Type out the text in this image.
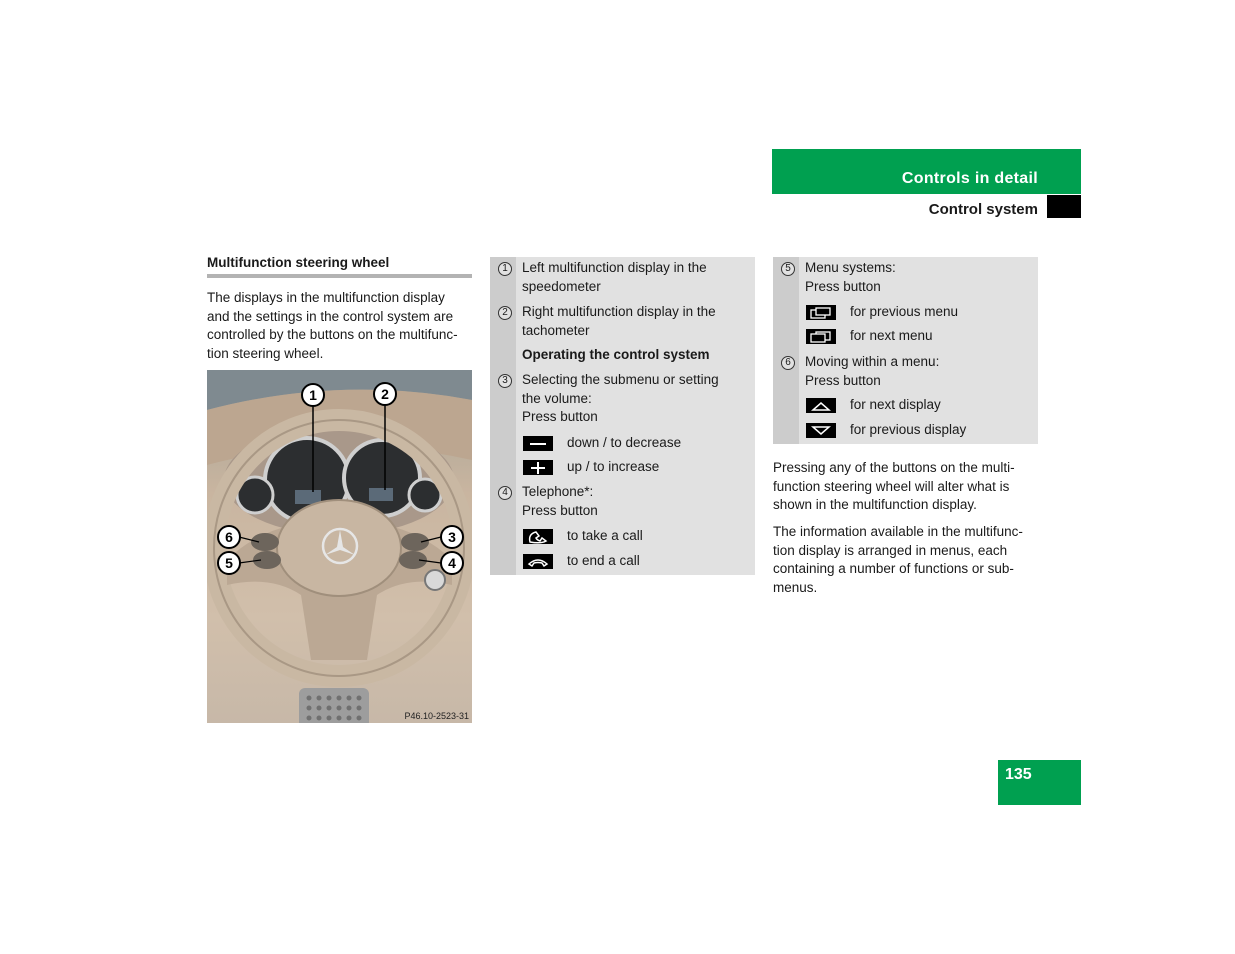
Controls in detail
Control system
Multifunction steering wheel
The displays in the multifunction display
and the settings in the control system are
controlled by the buttons on the multifunc-
tion steering wheel.
1	2
3
4
5
6
P46.10-2523-31
1	Left multifunction display in the
speedometer
2	Right multifunction display in the
tachometer
Operating the control system
3	Selecting the submenu or setting
the volume:
Press button
down / to decrease
up / to increase
4	Telephone*:
Press button
to take a call
to end a call
5	Menu systems:
Press button
for previous menu
for next menu
6	Moving within a menu:
Press button
for next display
for previous display
Pressing any of the buttons on the multi-
function steering wheel will alter what is
shown in the multifunction display.
The information available in the multifunc-
tion display is arranged in menus, each
containing a number of functions or sub-
menus.
135
